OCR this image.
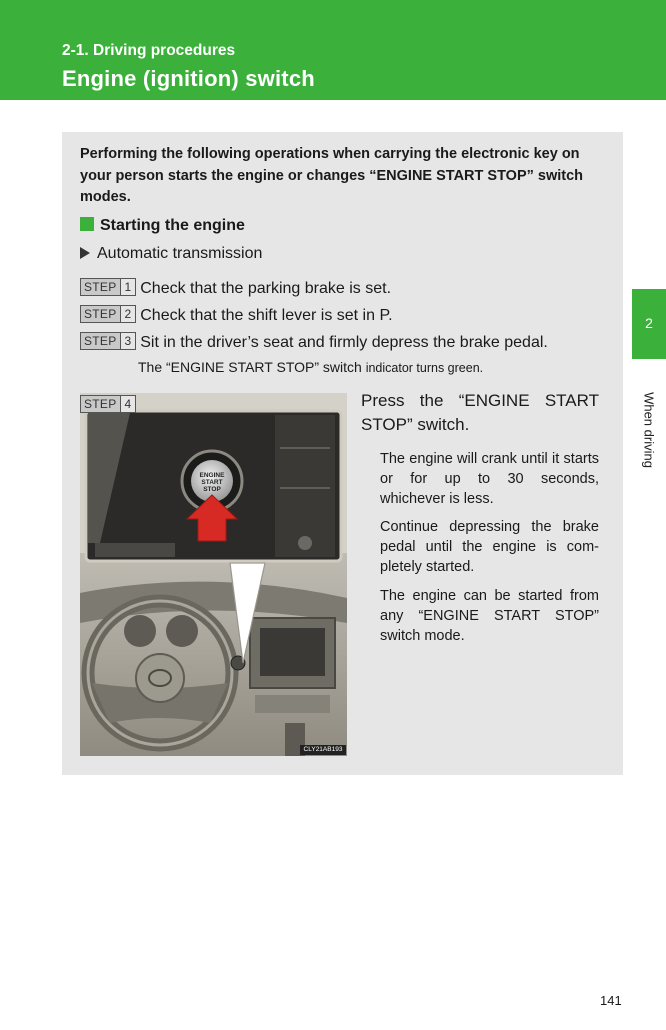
2-1. Driving procedures
Engine (ignition) switch
2
When driving
Performing the following operations when carrying the electronic key on your person starts the engine or changes “ENGINE START STOP” switch modes.
Starting the engine
Automatic transmission
STEP 1 Check that the parking brake is set.
STEP 2 Check that the shift lever is set in P.
STEP 3 Sit in the driver’s seat and firmly depress the brake pedal.
The “ENGINE START STOP” switch indicator turns green.
ENGINE
START
STOP
CLY21AB193
STEP 4	Press the “ENGINE START STOP” switch.
The engine will crank until it starts or for up to 30 seconds, whichever is less.
Continue depressing the brake pedal until the engine is com-pletely started.
The engine can be started from any “ENGINE START STOP” switch mode.
141
